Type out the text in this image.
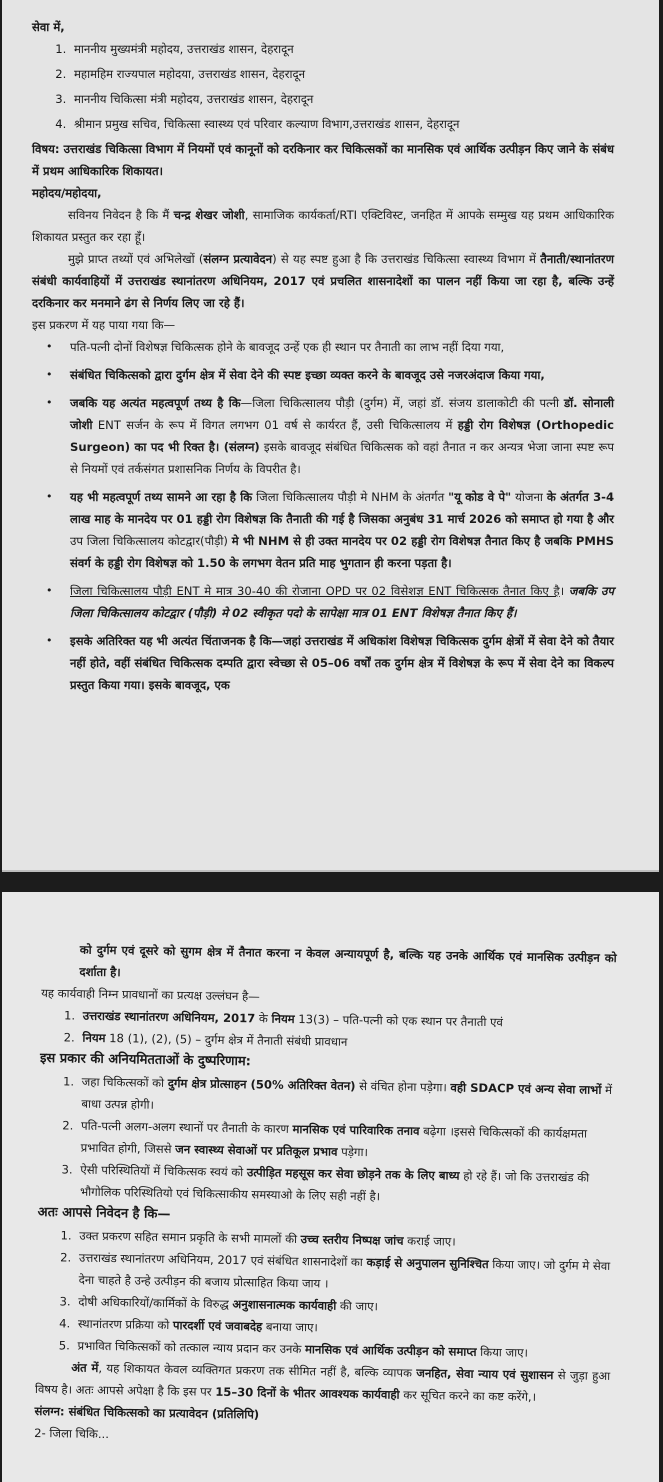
सेवा में,

1. माननीय मुख्यमंत्री महोदय, उत्तराखंड शासन, देहरादून
2. महामहिम राज्यपाल महोदया, उत्तराखंड शासन, देहरादून
3. माननीय चिकित्सा मंत्री महोदय, उत्तराखंड शासन, देहरादून
4. श्रीमान प्रमुख सचिव, चिकित्सा स्वास्थ्य एवं परिवार कल्याण विभाग,उत्तराखंड शासन, देहरादून

विषय: उत्तराखंड चिकित्सा विभाग में नियमों एवं कानूनों को दरकिनार कर चिकित्सकों का मानसिक एवं आर्थिक उत्पीड़न किए जाने के संबंध में प्रथम आधिकारिक शिकायत।

महोदय/महोदया,

सविनय निवेदन है कि मैं चन्द्र शेखर जोशी, सामाजिक कार्यकर्ता/RTI एक्टिविस्ट, जनहित में आपके सम्मुख यह प्रथम आधिकारिक शिकायत प्रस्तुत कर रहा हूँ।

मुझे प्राप्त तथ्यों एवं अभिलेखों (संलग्न प्रत्यावेदन) से यह स्पष्ट हुआ है कि उत्तराखंड चिकित्सा स्वास्थ्य विभाग में तैनाती/स्थानांतरण संबंधी कार्यवाहियों में उत्तराखंड स्थानांतरण अधिनियम, 2017 एवं प्रचलित शासनादेशों का पालन नहीं किया जा रहा है, बल्कि उन्हें दरकिनार कर मनमाने ढंग से निर्णय लिए जा रहे हैं।

इस प्रकरण में यह पाया गया कि—

• पति-पत्नी दोनों विशेषज्ञ चिकित्सक होने के बावजूद उन्हें एक ही स्थान पर तैनाती का लाभ नहीं दिया गया,
• संबंधित चिकित्सको द्वारा दुर्गम क्षेत्र में सेवा देने की स्पष्ट इच्छा व्यक्त करने के बावजूद उसे नजरअंदाज किया गया,
• जबकि यह अत्यंत महत्वपूर्ण तथ्य है कि—जिला चिकित्सालय पौड़ी (दुर्गम) में, जहां डॉ. संजय डालाकोटी की पत्नी डॉ. सोनाली जोशी ENT सर्जन के रूप में विगत लगभग 01 वर्ष से कार्यरत हैं, उसी चिकित्सालय में हड्डी रोग विशेषज्ञ (Orthopedic Surgeon) का पद भी रिक्त है। (संलग्न) इसके बावजूद संबंधित चिकित्सक को वहां तैनात न कर अन्यत्र भेजा जाना स्पष्ट रूप से नियमों एवं तर्कसंगत प्रशासनिक निर्णय के विपरीत है।
• यह भी महत्वपूर्ण तथ्य सामने आ रहा है कि जिला चिकित्सालय पौड़ी मे NHM के अंतर्गत "यू कोड वे पे" योजना के अंतर्गत 3-4 लाख माह के मानदेय पर 01 हड्डी रोग विशेषज्ञ कि तैनाती की गई है जिसका अनुबंध 31 मार्च 2026 को समाप्त हो गया है और उप जिला चिकित्सालय कोटद्वार(पौड़ी) मे भी NHM से ही उक्त मानदेय पर 02 हड्डी रोग विशेषज्ञ तैनात किए है जबकि PMHS संवर्ग के हड्डी रोग विशेषज्ञ को 1.50 के लगभग वेतन प्रति माह भुगतान ही करना पड़ता है।
• जिला चिकित्सालय पौड़ी ENT मे मात्र 30-40 की रोजाना OPD पर 02 विसेशज्ञ ENT चिकित्सक तैनात किए है। जबकि उप जिला चिकित्सालय कोटद्वार (पौड़ी) मे 02 स्वीकृत पदो के सापेक्षा मात्र 01 ENT विशेषज्ञ तैनात किए हैं।
• इसके अतिरिक्त यह भी अत्यंत चिंताजनक है कि—जहां उत्तराखंड में अधिकांश विशेषज्ञ चिकित्सक दुर्गम क्षेत्रों में सेवा देने को तैयार नहीं होते, वहीं संबंधित चिकित्सक दम्पति द्वारा स्वेच्छा से 05–06 वर्षों तक दुर्गम क्षेत्र में विशेषज्ञ के रूप में सेवा देने का विकल्प प्रस्तुत किया गया। इसके बावजूद, एक

को दुर्गम एवं दूसरे को सुगम क्षेत्र में तैनात करना न केवल अन्यायपूर्ण है, बल्कि यह उनके आर्थिक एवं मानसिक उत्पीड़न को दर्शाता है।

यह कार्यवाही निम्न प्रावधानों का प्रत्यक्ष उल्लंघन है—

1. उत्तराखंड स्थानांतरण अधिनियम, 2017 के नियम 13(3) – पति-पत्नी को एक स्थान पर तैनाती एवं
2. नियम 18 (1), (2), (5) – दुर्गम क्षेत्र में तैनाती संबंधी प्रावधान

इस प्रकार की अनियमितताओं के दुष्परिणाम:

1. जहा चिकित्सकों को दुर्गम क्षेत्र प्रोत्साहन (50% अतिरिक्त वेतन) से वंचित होना पड़ेगा। वही SDACP एवं अन्य सेवा लाभों में बाधा उत्पन्न होगी।
2. पति-पत्नी अलग-अलग स्थानों पर तैनाती के कारण मानसिक एवं पारिवारिक तनाव बढ़ेगा ।इससे चिकित्सकों की कार्यक्षमता प्रभावित होगी, जिससे जन स्वास्थ्य सेवाओं पर प्रतिकूल प्रभाव पड़ेगा।
3. ऐसी परिस्थितियों में चिकित्सक स्वयं को उत्पीड़ित महसूस कर सेवा छोड़ने तक के लिए बाध्य हो रहे हैं। जो कि उत्तराखंड की भौगोलिक परिस्थितियो एवं चिकित्साकीय समस्याओ के लिए सही नहीं है।

अतः आपसे निवेदन है कि—

1. उक्त प्रकरण सहित समान प्रकृति के सभी मामलों की उच्च स्तरीय निष्पक्ष जांच कराई जाए।
2. उत्तराखंड स्थानांतरण अधिनियम, 2017 एवं संबंधित शासनादेशों का कड़ाई से अनुपालन सुनिश्चित किया जाए। जो दुर्गम मे सेवा देना चाहते है उन्हे उत्पीड़न की बजाय प्रोत्साहित किया जाय ।
3. दोषी अधिकारियों/कार्मिकों के विरुद्ध अनुशासनात्मक कार्यवाही की जाए।
4. स्थानांतरण प्रक्रिया को पारदर्शी एवं जवाबदेह बनाया जाए।
5. प्रभावित चिकित्सकों को तत्काल न्याय प्रदान कर उनके मानसिक एवं आर्थिक उत्पीड़न को समाप्त किया जाए।

अंत में, यह शिकायत केवल व्यक्तिगत प्रकरण तक सीमित नहीं है, बल्कि व्यापक जनहित, सेवा न्याय एवं सुशासन से जुड़ा हुआ विषय है। अतः आपसे अपेक्षा है कि इस पर 15–30 दिनों के भीतर आवश्यक कार्यवाही कर सूचित करने का कष्ट करेंगे,।

संलग्न: संबंधित चिकित्सको का प्रत्यावेदन (प्रतिलिपि)

2- जिला चिकि...
